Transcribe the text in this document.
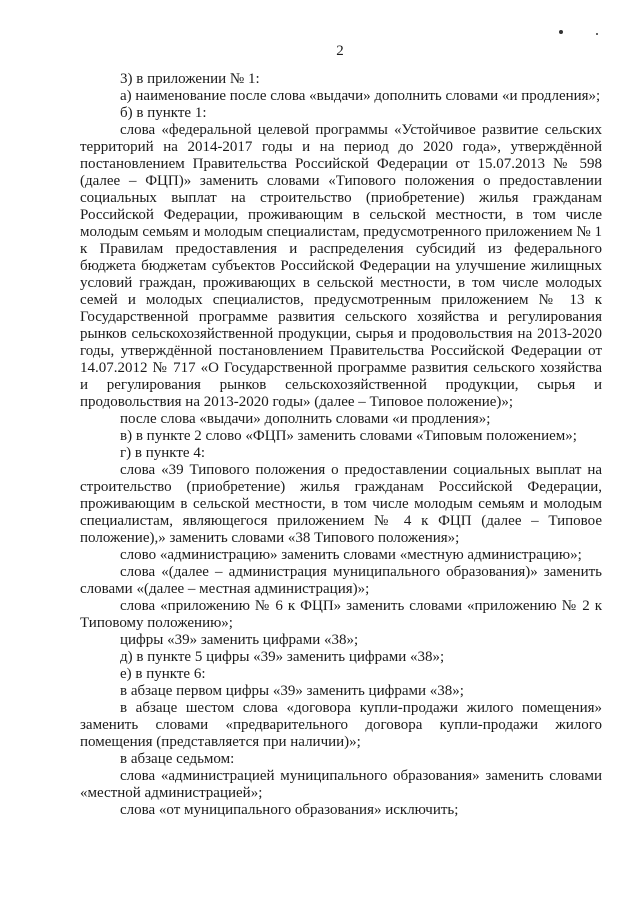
2

3) в приложении № 1:

а) наименование после слова «выдачи» дополнить словами «и продления»;

б) в пункте 1:

слова «федеральной целевой программы «Устойчивое развитие сельских территорий на 2014-2017 годы и на период до 2020 года», утверждённой постановлением Правительства Российской Федерации от 15.07.2013 № 598 (далее – ФЦП)» заменить словами «Типового положения о предоставлении социальных выплат на строительство (приобретение) жилья гражданам Российской Федерации, проживающим в сельской местности, в том числе молодым семьям и молодым специалистам, предусмотренного приложением № 1 к Правилам предоставления и распределения субсидий из федерального бюджета бюджетам субъектов Российской Федерации на улучшение жилищных условий граждан, проживающих в сельской местности, в том числе молодых семей и молодых специалистов, предусмотренным приложением № 13 к Государственной программе развития сельского хозяйства и регулирования рынков сельскохозяйственной продукции, сырья и продовольствия на 2013-2020 годы, утверждённой постановлением Правительства Российской Федерации от 14.07.2012 № 717 «О Государственной программе развития сельского хозяйства и регулирования рынков сельскохозяйственной продукции, сырья и продовольствия на 2013-2020 годы» (далее – Типовое положение)»;

после слова «выдачи» дополнить словами «и продления»;

в) в пункте 2 слово «ФЦП» заменить словами «Типовым положением»;

г) в пункте 4:

слова «39 Типового положения о предоставлении социальных выплат на строительство (приобретение) жилья гражданам Российской Федерации, проживающим в сельской местности, в том числе молодым семьям и молодым специалистам, являющегося приложением № 4 к ФЦП (далее – Типовое положение),» заменить словами «38 Типового положения»;

слово «администрацию» заменить словами «местную администрацию»;

слова «(далее – администрация муниципального образования)» заменить словами «(далее – местная администрация)»;

слова «приложению № 6 к ФЦП» заменить словами «приложению № 2 к Типовому положению»;

цифры «39» заменить цифрами «38»;

д) в пункте 5 цифры «39» заменить цифрами «38»;

е) в пункте 6:

в абзаце первом цифры «39» заменить цифрами «38»;

в абзаце шестом слова «договора купли-продажи жилого помещения» заменить словами «предварительного договора купли-продажи жилого помещения (представляется при наличии)»;

в абзаце седьмом:

слова «администрацией муниципального образования» заменить словами «местной администрацией»;

слова «от муниципального образования» исключить;
